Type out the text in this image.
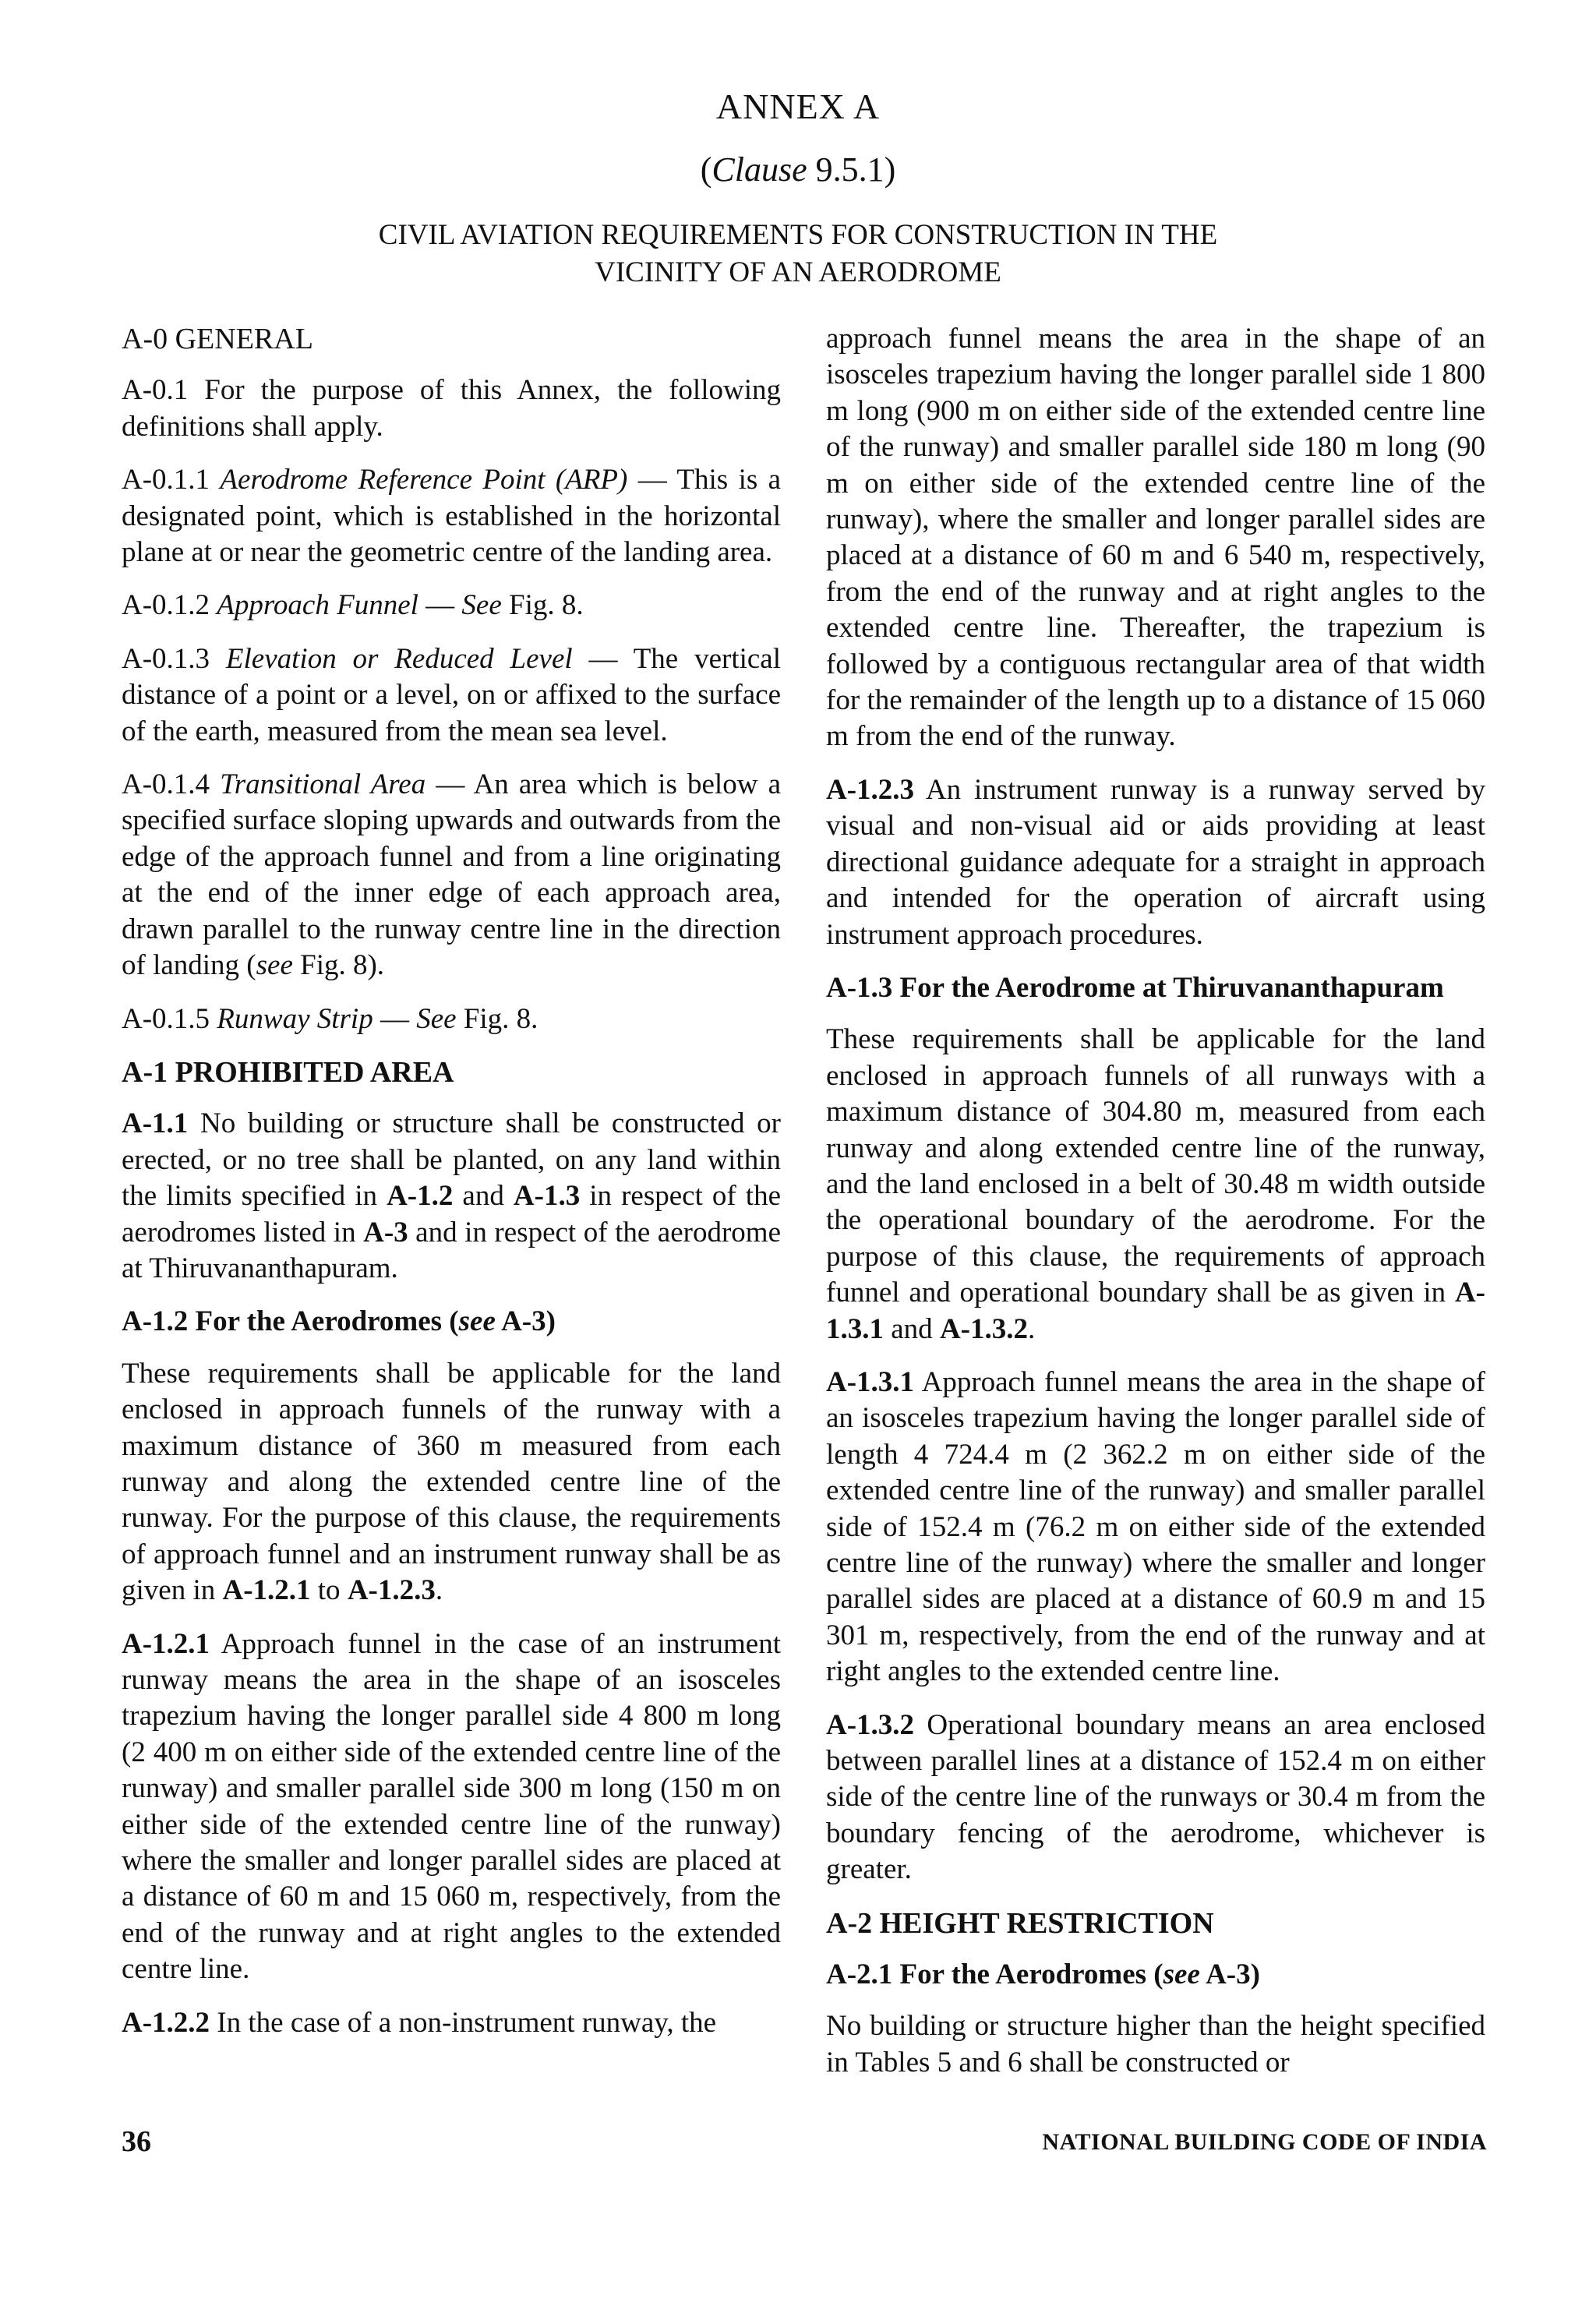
ANNEX A
(Clause 9.5.1)
CIVIL AVIATION REQUIREMENTS FOR CONSTRUCTION IN THE
VICINITY OF AN AERODROME
A-0 GENERAL

A-0.1 For the purpose of this Annex, the following definitions shall apply.

A-0.1.1 Aerodrome Reference Point (ARP) — This is a designated point, which is established in the horizontal plane at or near the geometric centre of the landing area.

A-0.1.2 Approach Funnel — See Fig. 8.

A-0.1.3 Elevation or Reduced Level — The vertical distance of a point or a level, on or affixed to the surface of the earth, measured from the mean sea level.

A-0.1.4 Transitional Area — An area which is below a specified surface sloping upwards and outwards from the edge of the approach funnel and from a line originating at the end of the inner edge of each approach area, drawn parallel to the runway centre line in the direction of landing (see Fig. 8).

A-0.1.5 Runway Strip — See Fig. 8.

A-1 PROHIBITED AREA

A-1.1 No building or structure shall be constructed or erected, or no tree shall be planted, on any land within the limits specified in A-1.2 and A-1.3 in respect of the aerodromes listed in A-3 and in respect of the aerodrome at Thiruvananthapuram.

A-1.2 For the Aerodromes (see A-3)

These requirements shall be applicable for the land enclosed in approach funnels of the runway with a maximum distance of 360 m measured from each runway and along the extended centre line of the runway. For the purpose of this clause, the requirements of approach funnel and an instrument runway shall be as given in A-1.2.1 to A-1.2.3.

A-1.2.1 Approach funnel in the case of an instrument runway means the area in the shape of an isosceles trapezium having the longer parallel side 4 800 m long (2 400 m on either side of the extended centre line of the runway) and smaller parallel side 300 m long (150 m on either side of the extended centre line of the runway) where the smaller and longer parallel sides are placed at a distance of 60 m and 15 060 m, respectively, from the end of the runway and at right angles to the extended centre line.

A-1.2.2 In the case of a non-instrument runway, the

approach funnel means the area in the shape of an isosceles trapezium having the longer parallel side 1 800 m long (900 m on either side of the extended centre line of the runway) and smaller parallel side 180 m long (90 m on either side of the extended centre line of the runway), where the smaller and longer parallel sides are placed at a distance of 60 m and 6 540 m, respectively, from the end of the runway and at right angles to the extended centre line. Thereafter, the trapezium is followed by a contiguous rectangular area of that width for the remainder of the length up to a distance of 15 060 m from the end of the runway.

A-1.2.3 An instrument runway is a runway served by visual and non-visual aid or aids providing at least directional guidance adequate for a straight in approach and intended for the operation of aircraft using instrument approach procedures.

A-1.3 For the Aerodrome at Thiruvananthapuram

These requirements shall be applicable for the land enclosed in approach funnels of all runways with a maximum distance of 304.80 m, measured from each runway and along extended centre line of the runway, and the land enclosed in a belt of 30.48 m width outside the operational boundary of the aerodrome. For the purpose of this clause, the requirements of approach funnel and operational boundary shall be as given in A-1.3.1 and A-1.3.2.

A-1.3.1 Approach funnel means the area in the shape of an isosceles trapezium having the longer parallel side of length 4 724.4 m (2 362.2 m on either side of the extended centre line of the runway) and smaller parallel side of 152.4 m (76.2 m on either side of the extended centre line of the runway) where the smaller and longer parallel sides are placed at a distance of 60.9 m and 15 301 m, respectively, from the end of the runway and at right angles to the extended centre line.

A-1.3.2 Operational boundary means an area enclosed between parallel lines at a distance of 152.4 m on either side of the centre line of the runways or 30.4 m from the boundary fencing of the aerodrome, whichever is greater.

A-2 HEIGHT RESTRICTION
A-2.1 For the Aerodromes (see A-3)

No building or structure higher than the height specified in Tables 5 and 6 shall be constructed or

36	NATIONAL BUILDING CODE OF INDIA
